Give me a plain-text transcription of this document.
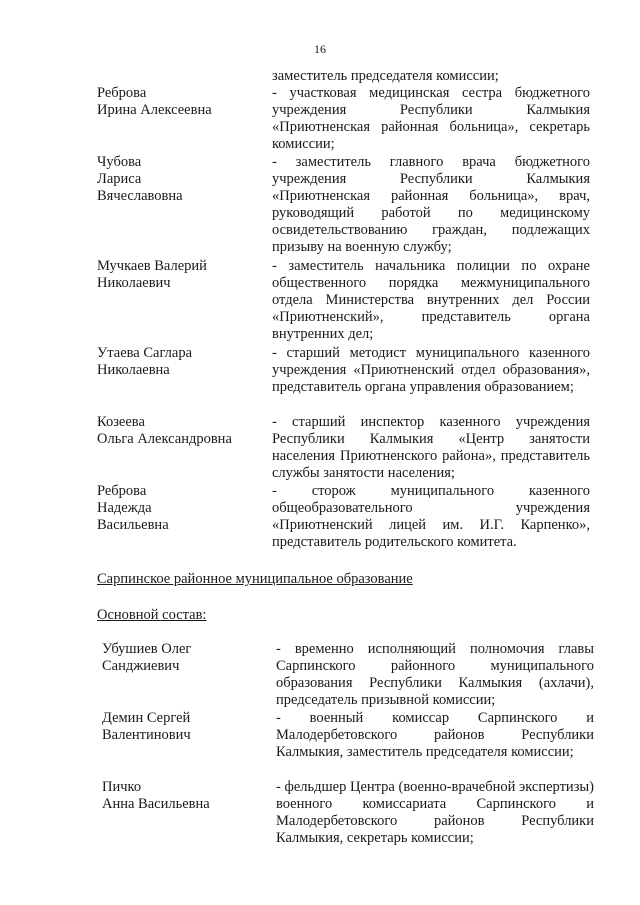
16
заместитель председателя комиссии;
Реброва
Ирина Алексеевна
- участковая медицинская сестра бюджетного учреждения Республики Калмыкия «Приютненская районная больница», секретарь комиссии;
Чубова
Лариса
Вячеславовна
- заместитель главного врача бюджетного учреждения Республики Калмыкия «Приютненская районная больница», врач, руководящий работой по медицинскому освидетельствованию граждан, подлежащих призыву на военную службу;
Мучкаев Валерий
Николаевич
- заместитель начальника полиции по охране общественного порядка межмуниципального отдела Министерства внутренних дел России «Приютненский», представитель органа внутренних дел;
Утаева Саглара
Николаевна
- старший методист муниципального казенного учреждения «Приютненский отдел образования», представитель органа управления образованием;
Козеева
Ольга Александровна
- старший инспектор казенного учреждения Республики Калмыкия «Центр занятости населения Приютненского района», представитель службы занятости населения;
Реброва
Надежда
Васильевна
- сторож муниципального казенного общеобразовательного учреждения «Приютненский лицей им. И.Г. Карпенко», представитель родительского комитета.
Сарпинское районное муниципальное образование
Основной состав:
Убушиев Олег
Санджиевич
- временно исполняющий полномочия главы Сарпинского районного муниципального образования Республики Калмыкия (ахлачи), председатель призывной комиссии;
Демин Сергей
Валентинович
- военный комиссар Сарпинского и Малодербетовского районов Республики Калмыкия, заместитель председателя комиссии;
Пичко
Анна Васильевна
- фельдшер Центра (военно-врачебной экспертизы) военного комиссариата Сарпинского и Малодербетовского районов Республики Калмыкия, секретарь комиссии;
